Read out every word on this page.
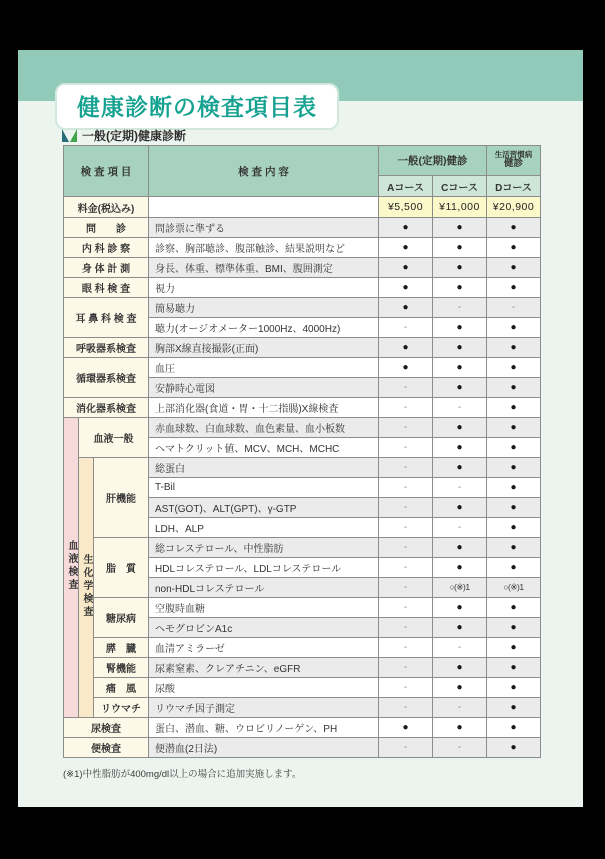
健康診断の検査項目表
一般(定期)健康診断
検 査 項 目			検 査 内 容	一般(定期)健診		生活習慣病
健診

				Aコース	Cコース	Dコース
料金(税込み)				¥5,500	¥11,000	¥20,900
問　　診			問診票に準ずる	●	●	●
内 科 診 察			診察、胸部聴診、腹部触診、結果説明など	●	●	●
身 体 計 測			身長、体重、標準体重、BMI、腹囲測定	●	●	●
眼 科 検 査			視力	●	●	●
耳 鼻 科 検 査			簡易聴力	●	-	-
			聴力(オージオメーター1000Hz、4000Hz)	-	●	●
呼吸器系検査			胸部X線直接撮影(正面)	●	●	●
循環器系検査			血圧	●	●	●
			安静時心電図	-	●	●
消化器系検査			上部消化器(食道・胃・十二指腸)X線検査	-	-	●
血液検査	血液一般		赤血球数、白血球数、血色素量、血小板数	-	●	●
			ヘマトクリット値、MCV、MCH、MCHC	-	●	●
	生化学検査	肝機能	総蛋白	-	●	●
			T-Bil	-	-	●
			AST(GOT)、ALT(GPT)、γ-GTP	-	●	●
			LDH、ALP	-	-	●
		脂　質	総コレステロール、中性脂肪	-	●	●
			HDLコレステロール、LDLコレステロール	-	●	●
			non-HDLコレステロール	-	○(※)1	○(※)1
		糖尿病	空腹時血糖	-	●	●
			ヘモグロビンA1c	-	●	●
		膵　臓	血清アミラーゼ	-	-	●
		腎機能	尿素窒素、クレアチニン、eGFR	-	●	●
		痛　風	尿酸	-	●	●
		リウマチ	リウマチ因子測定	-	-	●
尿検査			蛋白、潜血、糖、ウロビリノーゲン、PH	●	●	●
便検査			便潜血(2日法)	-	-	●
(※1)中性脂肪が400mg/dl以上の場合に追加実施します。
